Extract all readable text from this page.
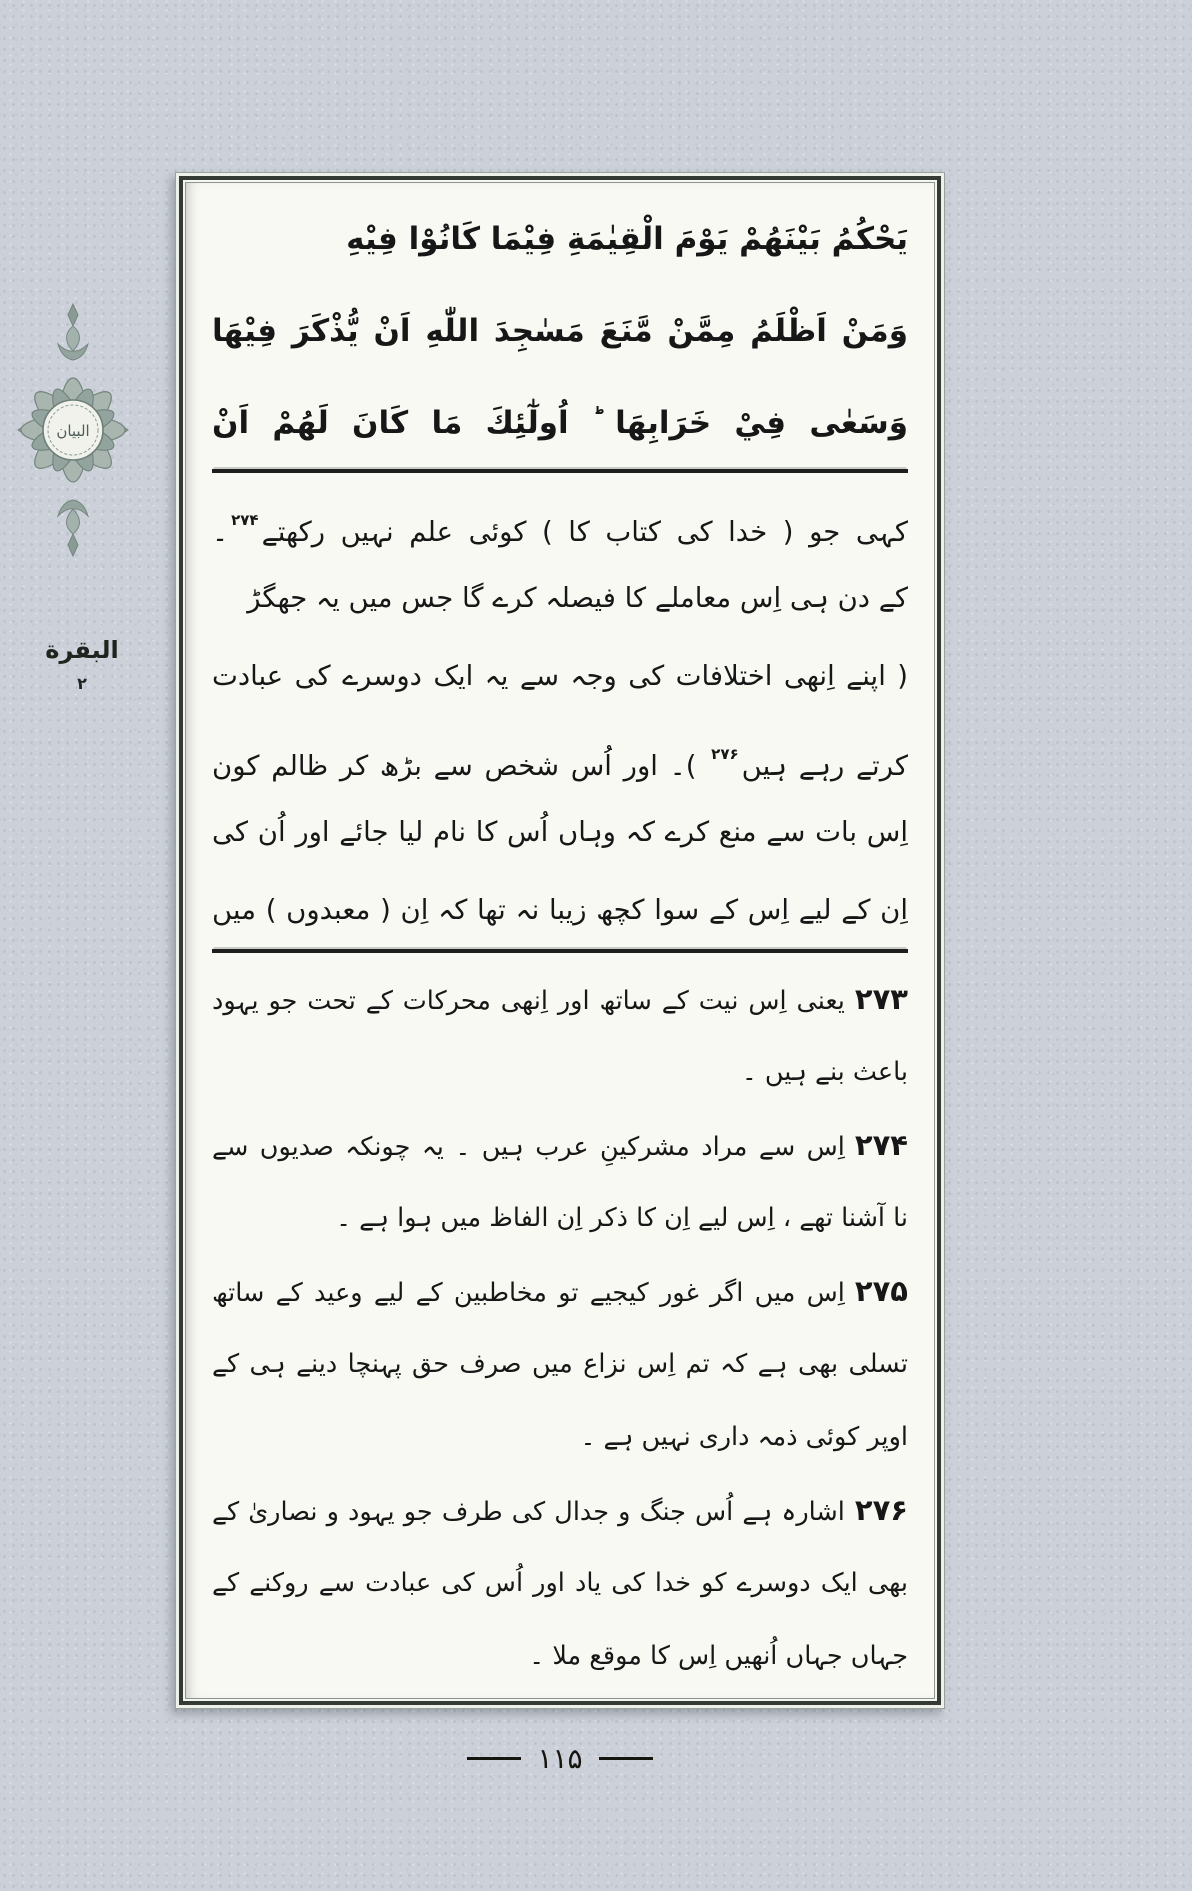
البيان
البقرة
۲
يَحْكُمُ بَيْنَهُمْ يَوْمَ الْقِيٰمَةِ فِيْمَا كَانُوْا فِيْهِ
وَمَنْ اَظْلَمُ مِمَّنْ مَّنَعَ مَسٰجِدَ اللّٰهِ اَنْ يُّذْكَرَ فِيْهَا
وَسَعٰى فِيْ خَرَابِهَا ؕ اُولٰٓئِكَ مَا كَانَ لَهُمْ اَنْ
کہی جو ( خدا کی کتاب کا ) کوئی علم نہیں رکھتے$^{۲۷۴}$۔
کے دن ہی اِس معاملے کا فیصلہ کرے گا جس میں یہ جھگڑ
( اپنے اِنھی اختلافات کی وجہ سے یہ ایک دوسرے کی عبادت
کرتے رہے ہیں$^{۲۷۶}$ )۔ اور اُس شخص سے بڑھ کر ظالم کون
اِس بات سے منع کرے کہ وہاں اُس کا نام لیا جائے اور اُن کی
اِن کے لیے اِس کے سوا کچھ زیبا نہ تھا کہ اِن ( معبدوں ) میں
۲۷۳یعنی اِس نیت کے ساتھ اور اِنھی محرکات کے تحت جو یہود
باعث بنے ہیں ۔
۲۷۴اِس سے مراد مشرکینِ عرب ہیں ۔ یہ چونکہ صدیوں سے
نا آشنا تھے ، اِس لیے اِن کا ذکر اِن الفاظ میں ہوا ہے ۔
۲۷۵اِس میں اگر غور کیجیے تو مخاطبین کے لیے وعید کے ساتھ
تسلی بھی ہے کہ تم اِس نزاع میں صرف حق پہنچا دینے ہی کے
اوپر کوئی ذمہ داری نہیں ہے ۔
۲۷۶اشارہ ہے اُس جنگ و جدال کی طرف جو یہود و نصاریٰ کے
بھی ایک دوسرے کو خدا کی یاد اور اُس کی عبادت سے روکنے کے
جہاں جہاں اُنھیں اِس کا موقع ملا ۔
۱۱۵
